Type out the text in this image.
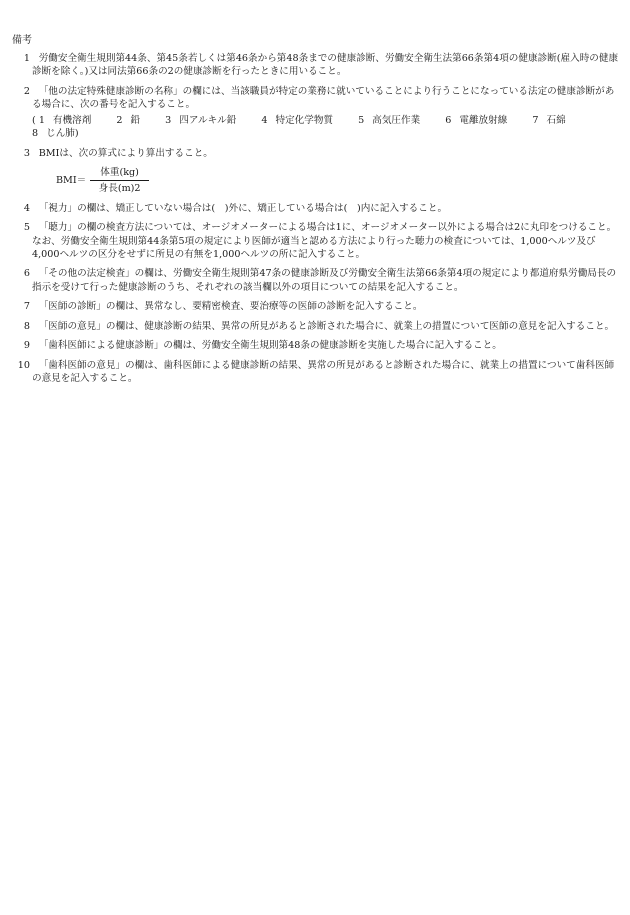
備考
1 労働安全衛生規則第44条、第45条若しくは第46条から第48条までの健康診断、労働安全衛生法第66条第4項の健康診断(雇入時の健康診断を除く。)又は同法第66条の2の健康診断を行ったときに用いること。
2 「他の法定特殊健康診断の名称」の欄には、当該職員が特定の業務に就いていることにより行うことになっている法定の健康診断がある場合に、次の番号を記入すること。
( 1 有機溶剤	2 鉛	3 四アルキル鉛	4 特定化学物質	5 高気圧作業	6 電離放射線	7 石綿 8 じん肺)
3 BMIは、次の算式により算出すること。
$BMI= \frac{\text{体重(kg)}}{\text{身長(m)2}}$
4 「視力」の欄は、矯正していない場合は(　)外に、矯正している場合は(　)内に記入すること。
5 「聴力」の欄の検査方法については、オージオメーターによる場合は1に、オージオメーター以外による場合は2に丸印をつけること。なお、労働安全衛生規則第44条第5項の規定により医師が適当と認める方法により行った聴力の検査については、1,000ヘルツ及び4,000ヘルツの区分をせずに所見の有無を1,000ヘルツの所に記入すること。
6 「その他の法定検査」の欄は、労働安全衛生規則第47条の健康診断及び労働安全衛生法第66条第4項の規定により都道府県労働局長の指示を受けて行った健康診断のうち、それぞれの該当欄以外の項目についての結果を記入すること。
7 「医師の診断」の欄は、異常なし、要精密検査、要治療等の医師の診断を記入すること。
8 「医師の意見」の欄は、健康診断の結果、異常の所見があると診断された場合に、就業上の措置について医師の意見を記入すること。
9 「歯科医師による健康診断」の欄は、労働安全衛生規則第48条の健康診断を実施した場合に記入すること。
10 「歯科医師の意見」の欄は、歯科医師による健康診断の結果、異常の所見があると診断された場合に、就業上の措置について歯科医師の意見を記入すること。
